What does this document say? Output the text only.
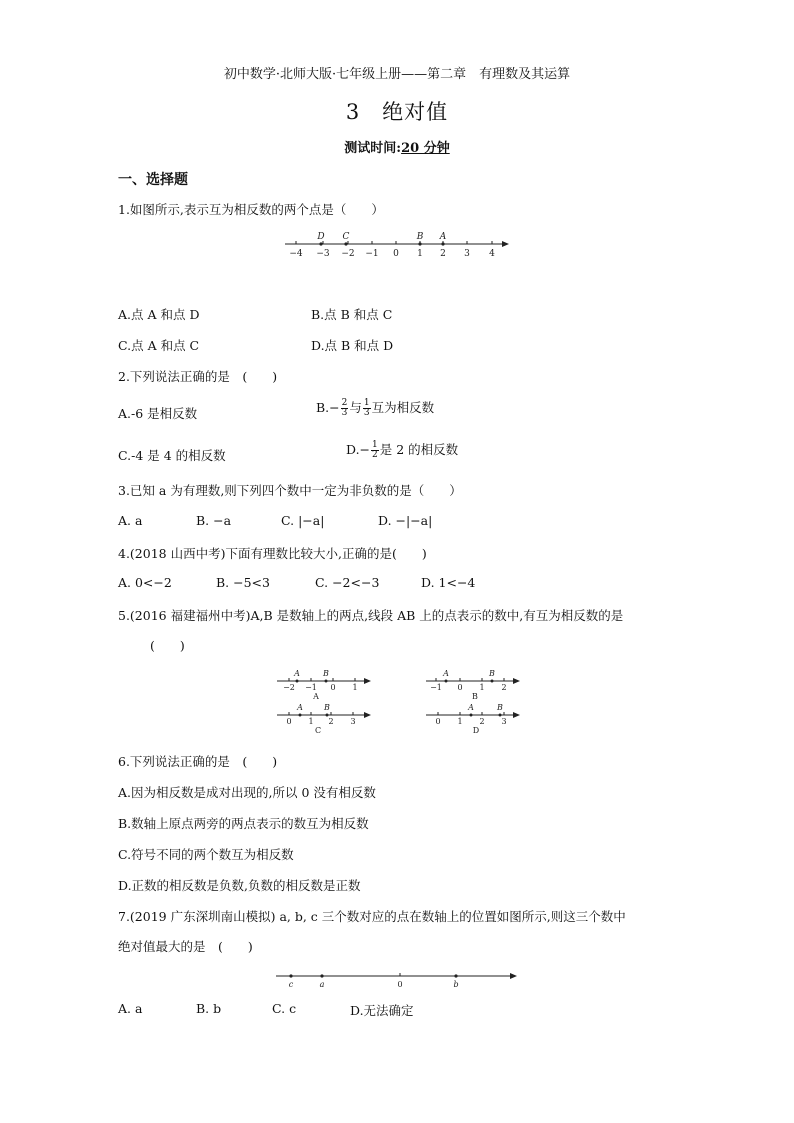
初中数学·北师大版·七年级上册——第二章　有理数及其运算
3　绝对值
测试时间:20 分钟
一、选择题
1.如图所示,表示互为相反数的两个点是（　　）
−4 −3 −2 −1 0 1 2 3 4
D C	B A
A.点 A 和点 D	B.点 B 和点 C
C.点 A 和点 C	D.点 B 和点 D
2.下列说法正确的是　(　　)
A.-6 是相反数	$B.- \frac{2}{3}$ 与 $\frac{1}{3}$ 互为相反数
C.-4 是 4 的相反数	$D.- \frac{1}{2}$ 是 2 的相反数
3.已知 a 为有理数,则下列四个数中一定为非负数的是（　　）
A. a	B. −a	C. |−a|	D. −|−a|
4.(2018 山西中考)下面有理数比较大小,正确的是(　　)
A. 0<−2	B. −5<3	C. −2<−3	D. 1<−4
5.(2016 福建福州中考)A,B 是数轴上的两点,线段 AB 上的点表示的数中,有互为相反数的是
(　　)
−2 −1 0 1
A
A	B
−1 0 1 2
B
A	B
0 1 2 3
C
A	B
0 1 2 3
D
A	B
6.下列说法正确的是　(　　)
A.因为相反数是成对出现的,所以 0 没有相反数
B.数轴上原点两旁的两点表示的数互为相反数
C.符号不同的两个数互为相反数
D.正数的相反数是负数,负数的相反数是正数
7.(2019 广东深圳南山模拟) a, b, c 三个数对应的点在数轴上的位置如图所示,则这三个数中
绝对值最大的是　(　　)
c	a	0	b
A. a	B. b	C. c	D.无法确定
